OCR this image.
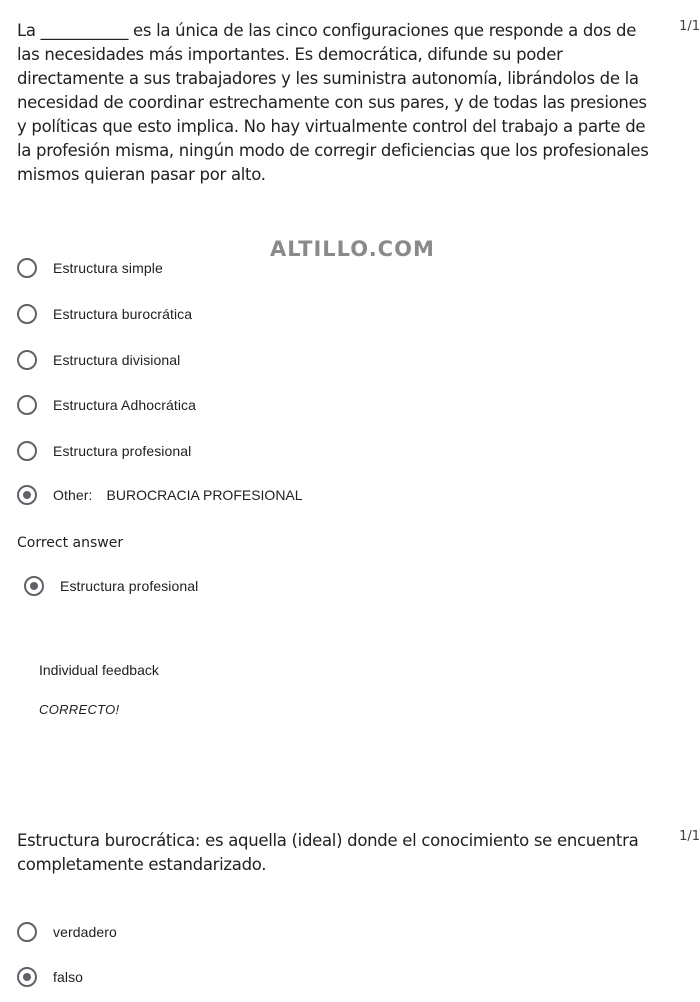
La ___________ es la única de las cinco configuraciones que responde a dos de las necesidades más importantes. Es democrática, difunde su poder directamente a sus trabajadores y les suministra autonomía, librándolos de la necesidad de coordinar estrechamente con sus pares, y de todas las presiones y políticas que esto implica. No hay virtualmente control del trabajo a parte de la profesión misma, ningún modo de corregir deficiencias que los profesionales mismos quieran pasar por alto.
1/1
ALTILLO.COM
Estructura simple
Estructura burocrática
Estructura divisional
Estructura Adhocrática
Estructura profesional
Other: BUROCRACIA PROFESIONAL
Correct answer
Estructura profesional
Individual feedback
CORRECTO!
Estructura burocrática: es aquella (ideal) donde el conocimiento se encuentra completamente estandarizado.
1/1
verdadero
falso
